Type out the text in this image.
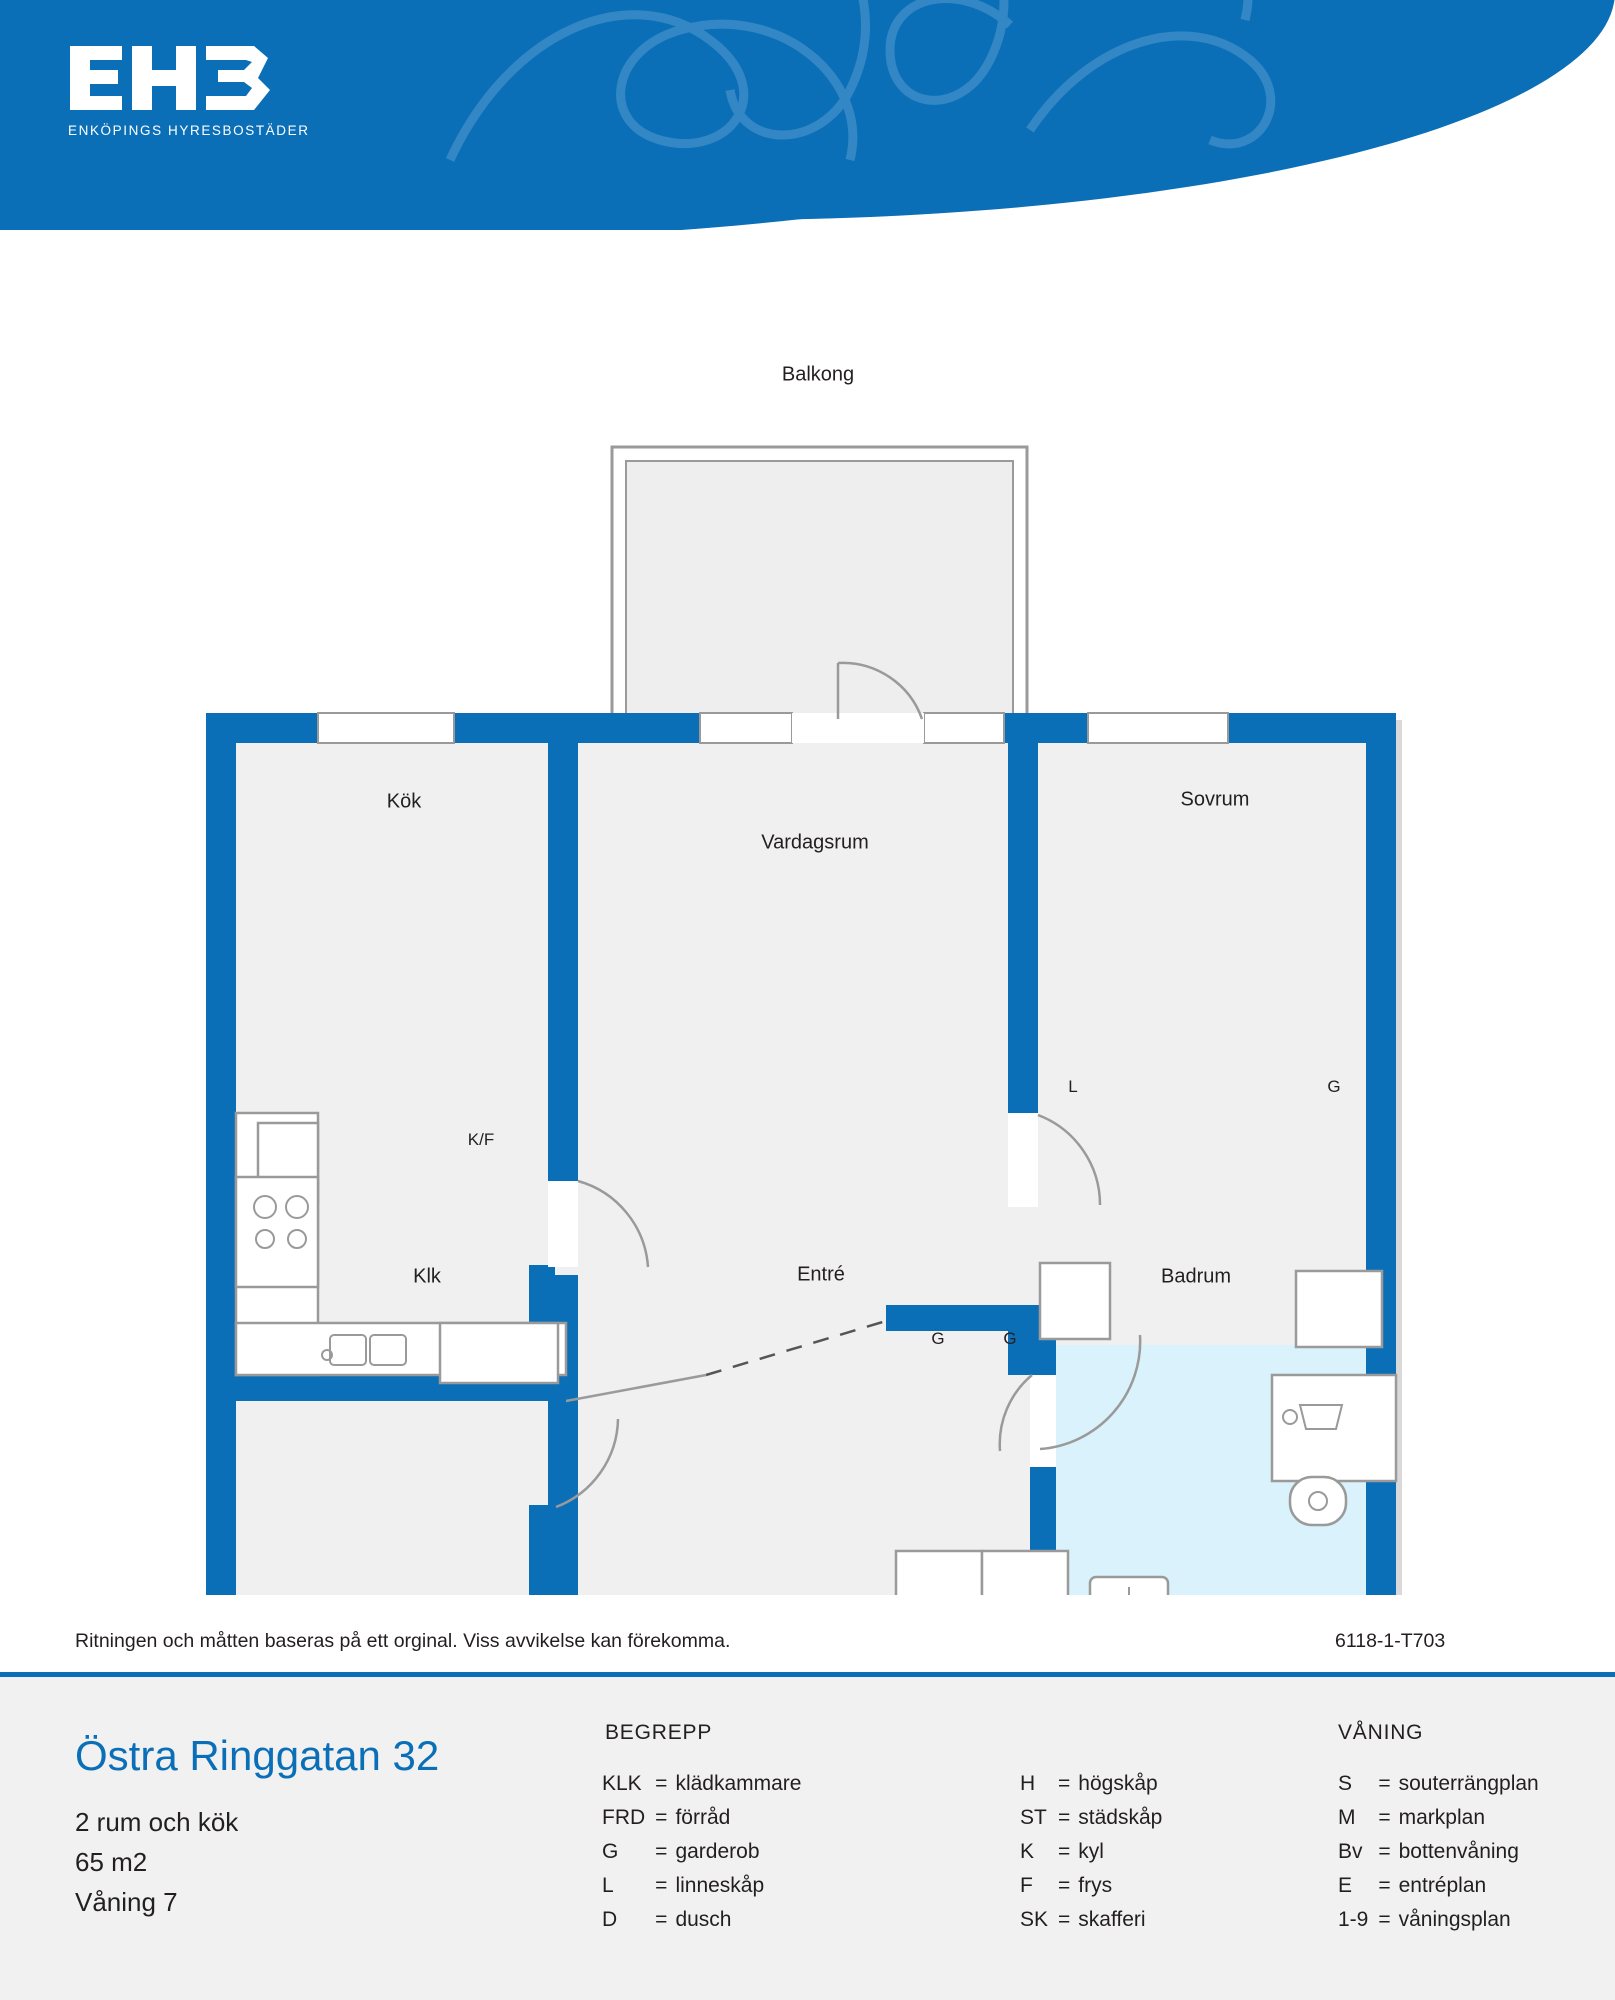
ENKÖPINGS HYRESBOSTÄDER
Balkong
Kök
Vardagsrum
Sovrum
Klk	Entré	Badrum
K/F
L	G
G	G
Ritningen och måtten baseras på ett orginal. Viss avvikelse kan förekomma.	6118-1-T703
Östra Ringgatan 32
2 rum och kök
65 m2
Våning 7
BEGREPP
KLK	=	klädkammare
FRD	=	förråd
G	=	garderob
L	=	linneskåp
D	=	dusch
H	=	högskåp
ST	=	städskåp
K	=	kyl
F	=	frys
SK	=	skafferi
VÅNING
S	=	souterrängplan
M	=	markplan
Bv	=	bottenvåning
E	=	entréplan
1-9	=	våningsplan
